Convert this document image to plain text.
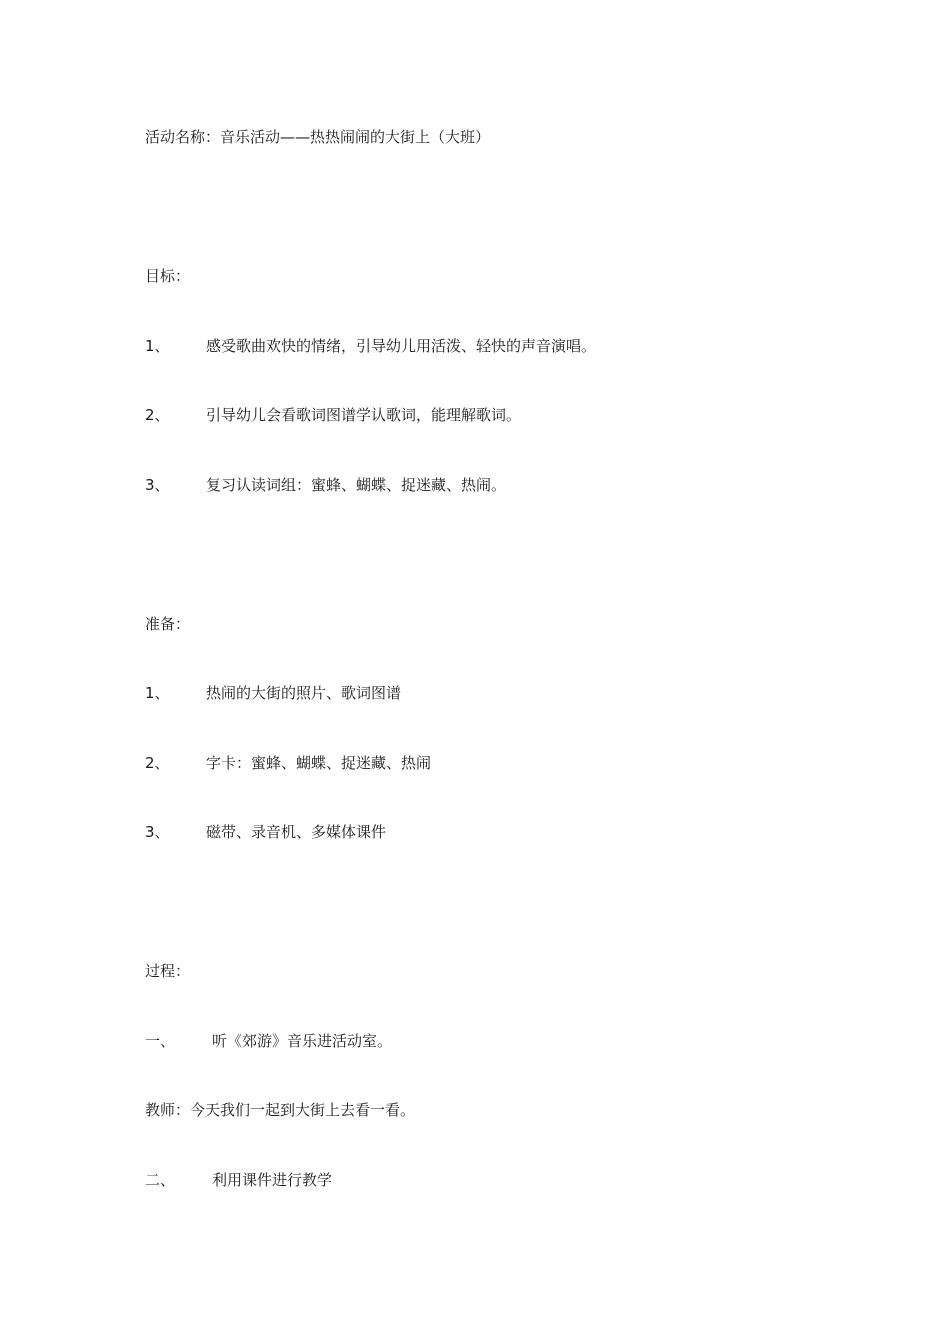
活动名称：音乐活动——热热闹闹的大街上（大班）
目标：
1、 感受歌曲欢快的情绪，引导幼儿用活泼、轻快的声音演唱。
2、 引导幼儿会看歌词图谱学认歌词，能理解歌词。
3、 复习认读词组：蜜蜂、蝴蝶、捉迷藏、热闹。
准备：
1、 热闹的大街的照片、歌词图谱
2、 字卡：蜜蜂、蝴蝶、捉迷藏、热闹
3、 磁带、录音机、多媒体课件
过程：
一、 听《郊游》音乐进活动室。
教师：今天我们一起到大街上去看一看。
二、 利用课件进行教学
